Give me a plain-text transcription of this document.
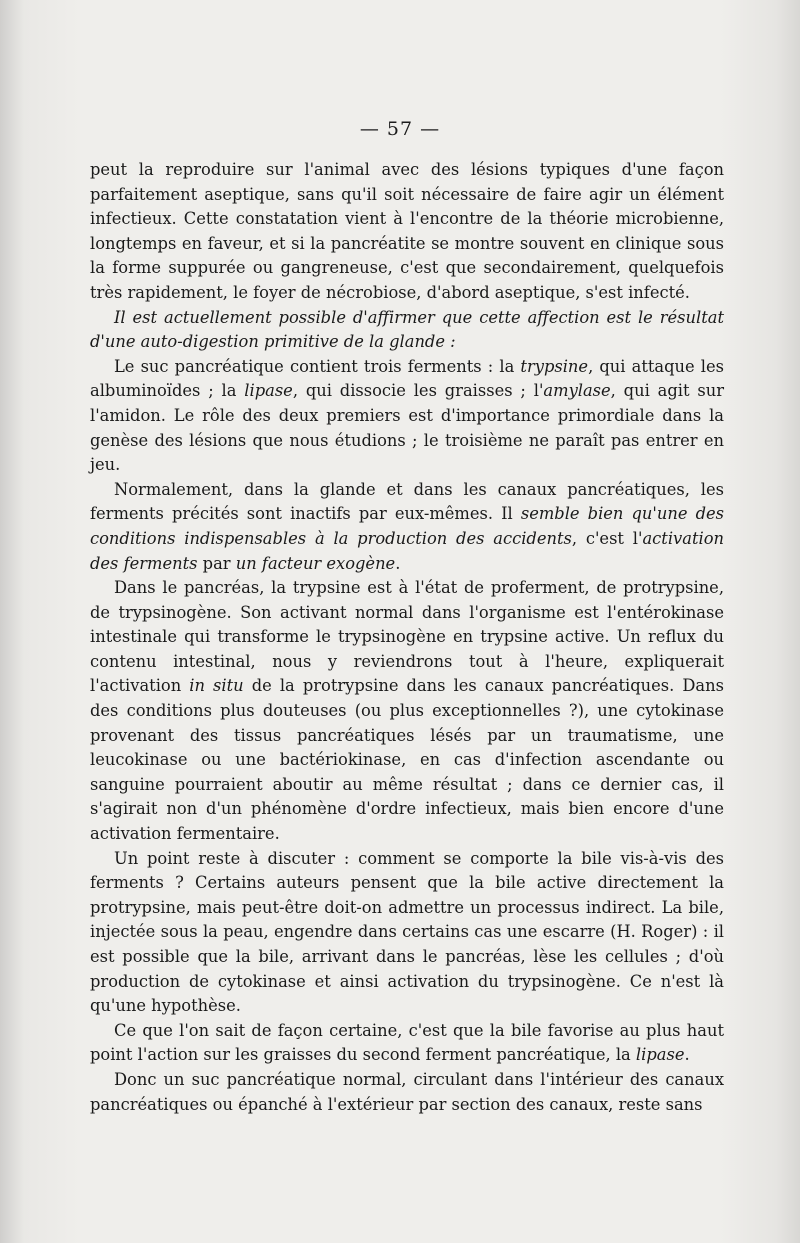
— 57 —

peut la reproduire sur l'animal avec des lésions typiques d'une façon parfaitement aseptique, sans qu'il soit nécessaire de faire agir un élément infectieux. Cette constatation vient à l'encontre de la théorie microbienne, longtemps en faveur, et si la pancréatite se montre souvent en clinique sous la forme suppurée ou gangreneuse, c'est que secondairement, quelquefois très rapidement, le foyer de nécrobiose, d'abord aseptique, s'est infecté.

Il est actuellement possible d'affirmer que cette affection est le résultat d'une auto-digestion primitive de la glande :

Le suc pancréatique contient trois ferments : la trypsine, qui attaque les albuminoïdes ; la lipase, qui dissocie les graisses ; l'amylase, qui agit sur l'amidon. Le rôle des deux premiers est d'importance primordiale dans la genèse des lésions que nous étudions ; le troisième ne paraît pas entrer en jeu.

Normalement, dans la glande et dans les canaux pancréatiques, les ferments précités sont inactifs par eux-mêmes. Il semble bien qu'une des conditions indispensables à la production des accidents, c'est l'activation des ferments par un facteur exogène.

Dans le pancréas, la trypsine est à l'état de proferment, de protrypsine, de trypsinogène. Son activant normal dans l'organisme est l'entérokinase intestinale qui transforme le trypsinogène en trypsine active. Un reflux du contenu intestinal, nous y reviendrons tout à l'heure, expliquerait l'activation in situ de la protrypsine dans les canaux pancréatiques. Dans des conditions plus douteuses (ou plus exceptionnelles ?), une cytokinase provenant des tissus pancréatiques lésés par un traumatisme, une leucokinase ou une bactériokinase, en cas d'infection ascendante ou sanguine pourraient aboutir au même résultat ; dans ce dernier cas, il s'agirait non d'un phénomène d'ordre infectieux, mais bien encore d'une activation fermentaire.

Un point reste à discuter : comment se comporte la bile vis-à-vis des ferments ? Certains auteurs pensent que la bile active directement la protrypsine, mais peut-être doit-on admettre un processus indirect. La bile, injectée sous la peau, engendre dans certains cas une escarre (H. Roger) : il est possible que la bile, arrivant dans le pancréas, lèse les cellules ; d'où production de cytokinase et ainsi activation du trypsinogène. Ce n'est là qu'une hypothèse.

Ce que l'on sait de façon certaine, c'est que la bile favorise au plus haut point l'action sur les graisses du second ferment pancréatique, la lipase.

Donc un suc pancréatique normal, circulant dans l'intérieur des canaux pancréatiques ou épanché à l'extérieur par section des canaux, reste sans
